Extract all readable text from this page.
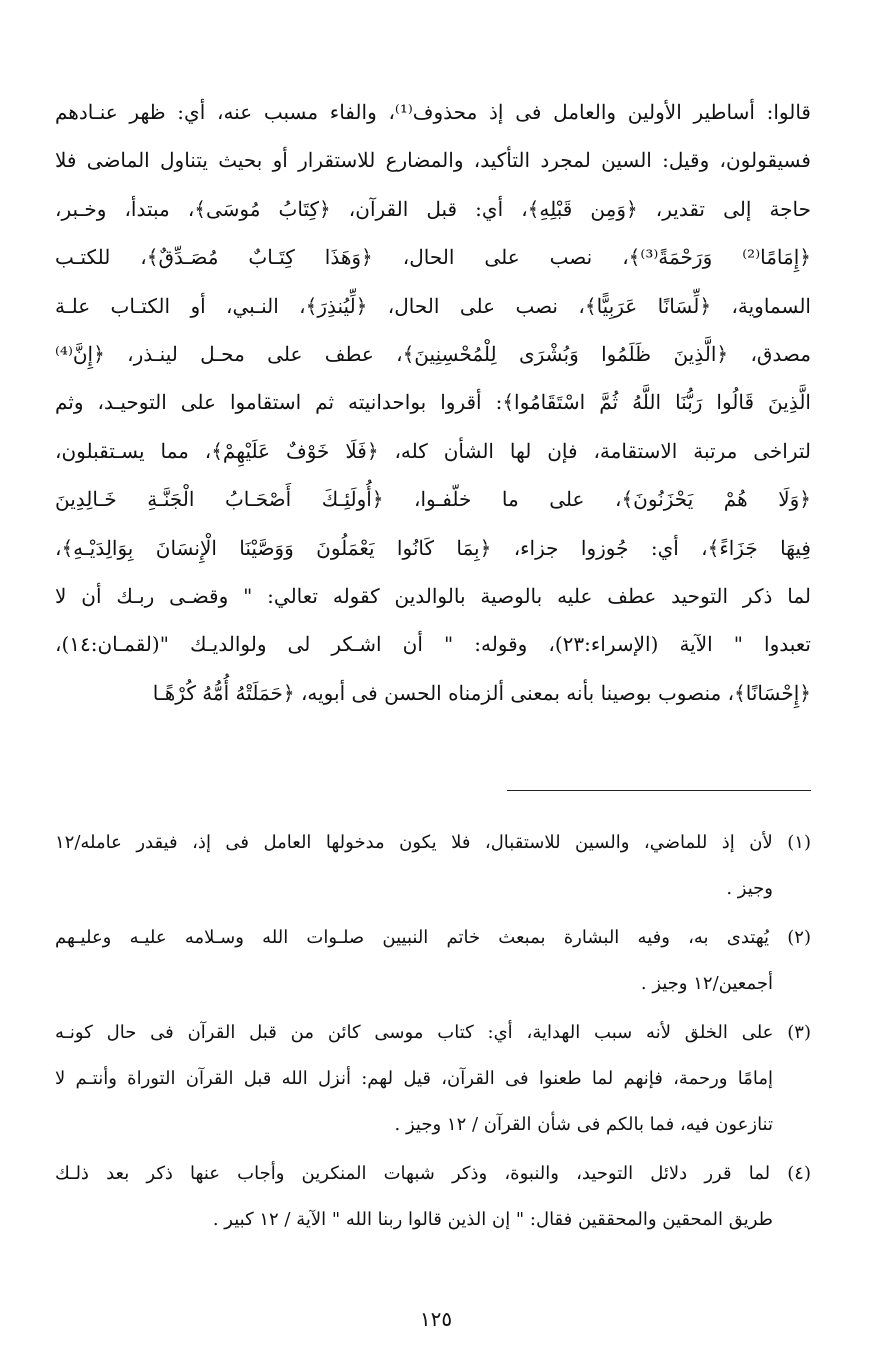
قالوا: أساطير الأولين والعامل فى إذ محذوف⁽¹⁾، والفاء مسبب عنه، أي: ظهر عنـادهم
فسيقولون، وقيل: السين لمجرد التأكيد، والمضارع للاستقرار أو بحيث يتناول الماضى فلا
حاجة إلى تقدير، ﴿وَمِن قَبْلِهِ﴾، أي: قبل القرآن، ﴿كِتَابُ مُوسَى﴾، مبتدأ، وخـبر،
﴿إِمَامًا⁽²⁾ وَرَحْمَةً⁽³⁾﴾، نصب على الحال، ﴿وَهَذَا كِتَـابٌ مُصَـدِّقٌ﴾، للكتـب
السماوية، ﴿لِّسَانًا عَرَبِيًّا﴾، نصب على الحال، ﴿لِّيُنذِرَ﴾، النـبي، أو الكتـاب علـة
مصدق، ﴿الَّذِينَ ظَلَمُوا وَبُشْرَى لِلْمُحْسِنِينَ﴾، عطف على محـل لينـذر، ﴿إِنَّ⁽⁴⁾
الَّذِينَ قَالُوا رَبُّنَا اللَّهُ ثُمَّ اسْتَقَامُوا﴾: أقروا بواحدانيته ثم استقاموا على التوحيـد، وثم
لتراخى مرتبة الاستقامة، فإن لها الشأن كله، ﴿فَلَا خَوْفٌ عَلَيْهِمْ﴾، مما يسـتقبلون،
﴿وَلَا هُمْ يَحْزَنُونَ﴾، على ما خلّفـوا، ﴿أُولَئِـكَ أَصْحَـابُ الْجَنَّـةِ خَـالِدِينَ
فِيهَا جَزَاءً﴾، أي: جُوزوا جزاء، ﴿بِمَا كَانُوا يَعْمَلُونَ وَوَصَّيْنَا الْإِنسَانَ بِوَالِدَيْـهِ﴾،
لما ذكر التوحيد عطف عليه بالوصية بالوالدين كقوله تعالي: " وقضـى ربـك أن لا
تعبدوا " الآية (الإسراء:٢٣)، وقوله: " أن اشـكر لى ولوالديـك "(لقمـان:١٤)،
﴿إِحْسَانًا﴾، منصوب بوصينا بأنه بمعنى ألزمناه الحسن فى أبويه، ﴿حَمَلَتْهُ أُمُّهُ كُرْهًـا
(١) لأن إذ للماضي، والسين للاستقبال، فلا يكون مدخولها العامل فى إذ، فيقدر عامله/١٢
وجيز .
(٢) يُهتدى به، وفيه البشارة بمبعث خاتم النبيين صلـوات الله وسـلامه عليـه وعليـهم
أجمعين/١٢ وجيز .
(٣) على الخلق لأنه سبب الهداية، أي: كتاب موسى كائن من قبل القرآن فى حال كونـه
إمامًا ورحمة، فإنهم لما طعنوا فى القرآن، قيل لهم: أنزل الله قبل القرآن التوراة وأنتـم لا
تنازعون فيه، فما بالكم فى شأن القرآن / ١٢ وجيز .
(٤) لما قرر دلائل التوحيد، والنبوة، وذكر شبهات المنكرين وأجاب عنها ذكر بعد ذلـك
طريق المحقين والمحققين فقال: " إن الذين قالوا ربنا الله " الآية / ١٢ كبير .
١٢٥
